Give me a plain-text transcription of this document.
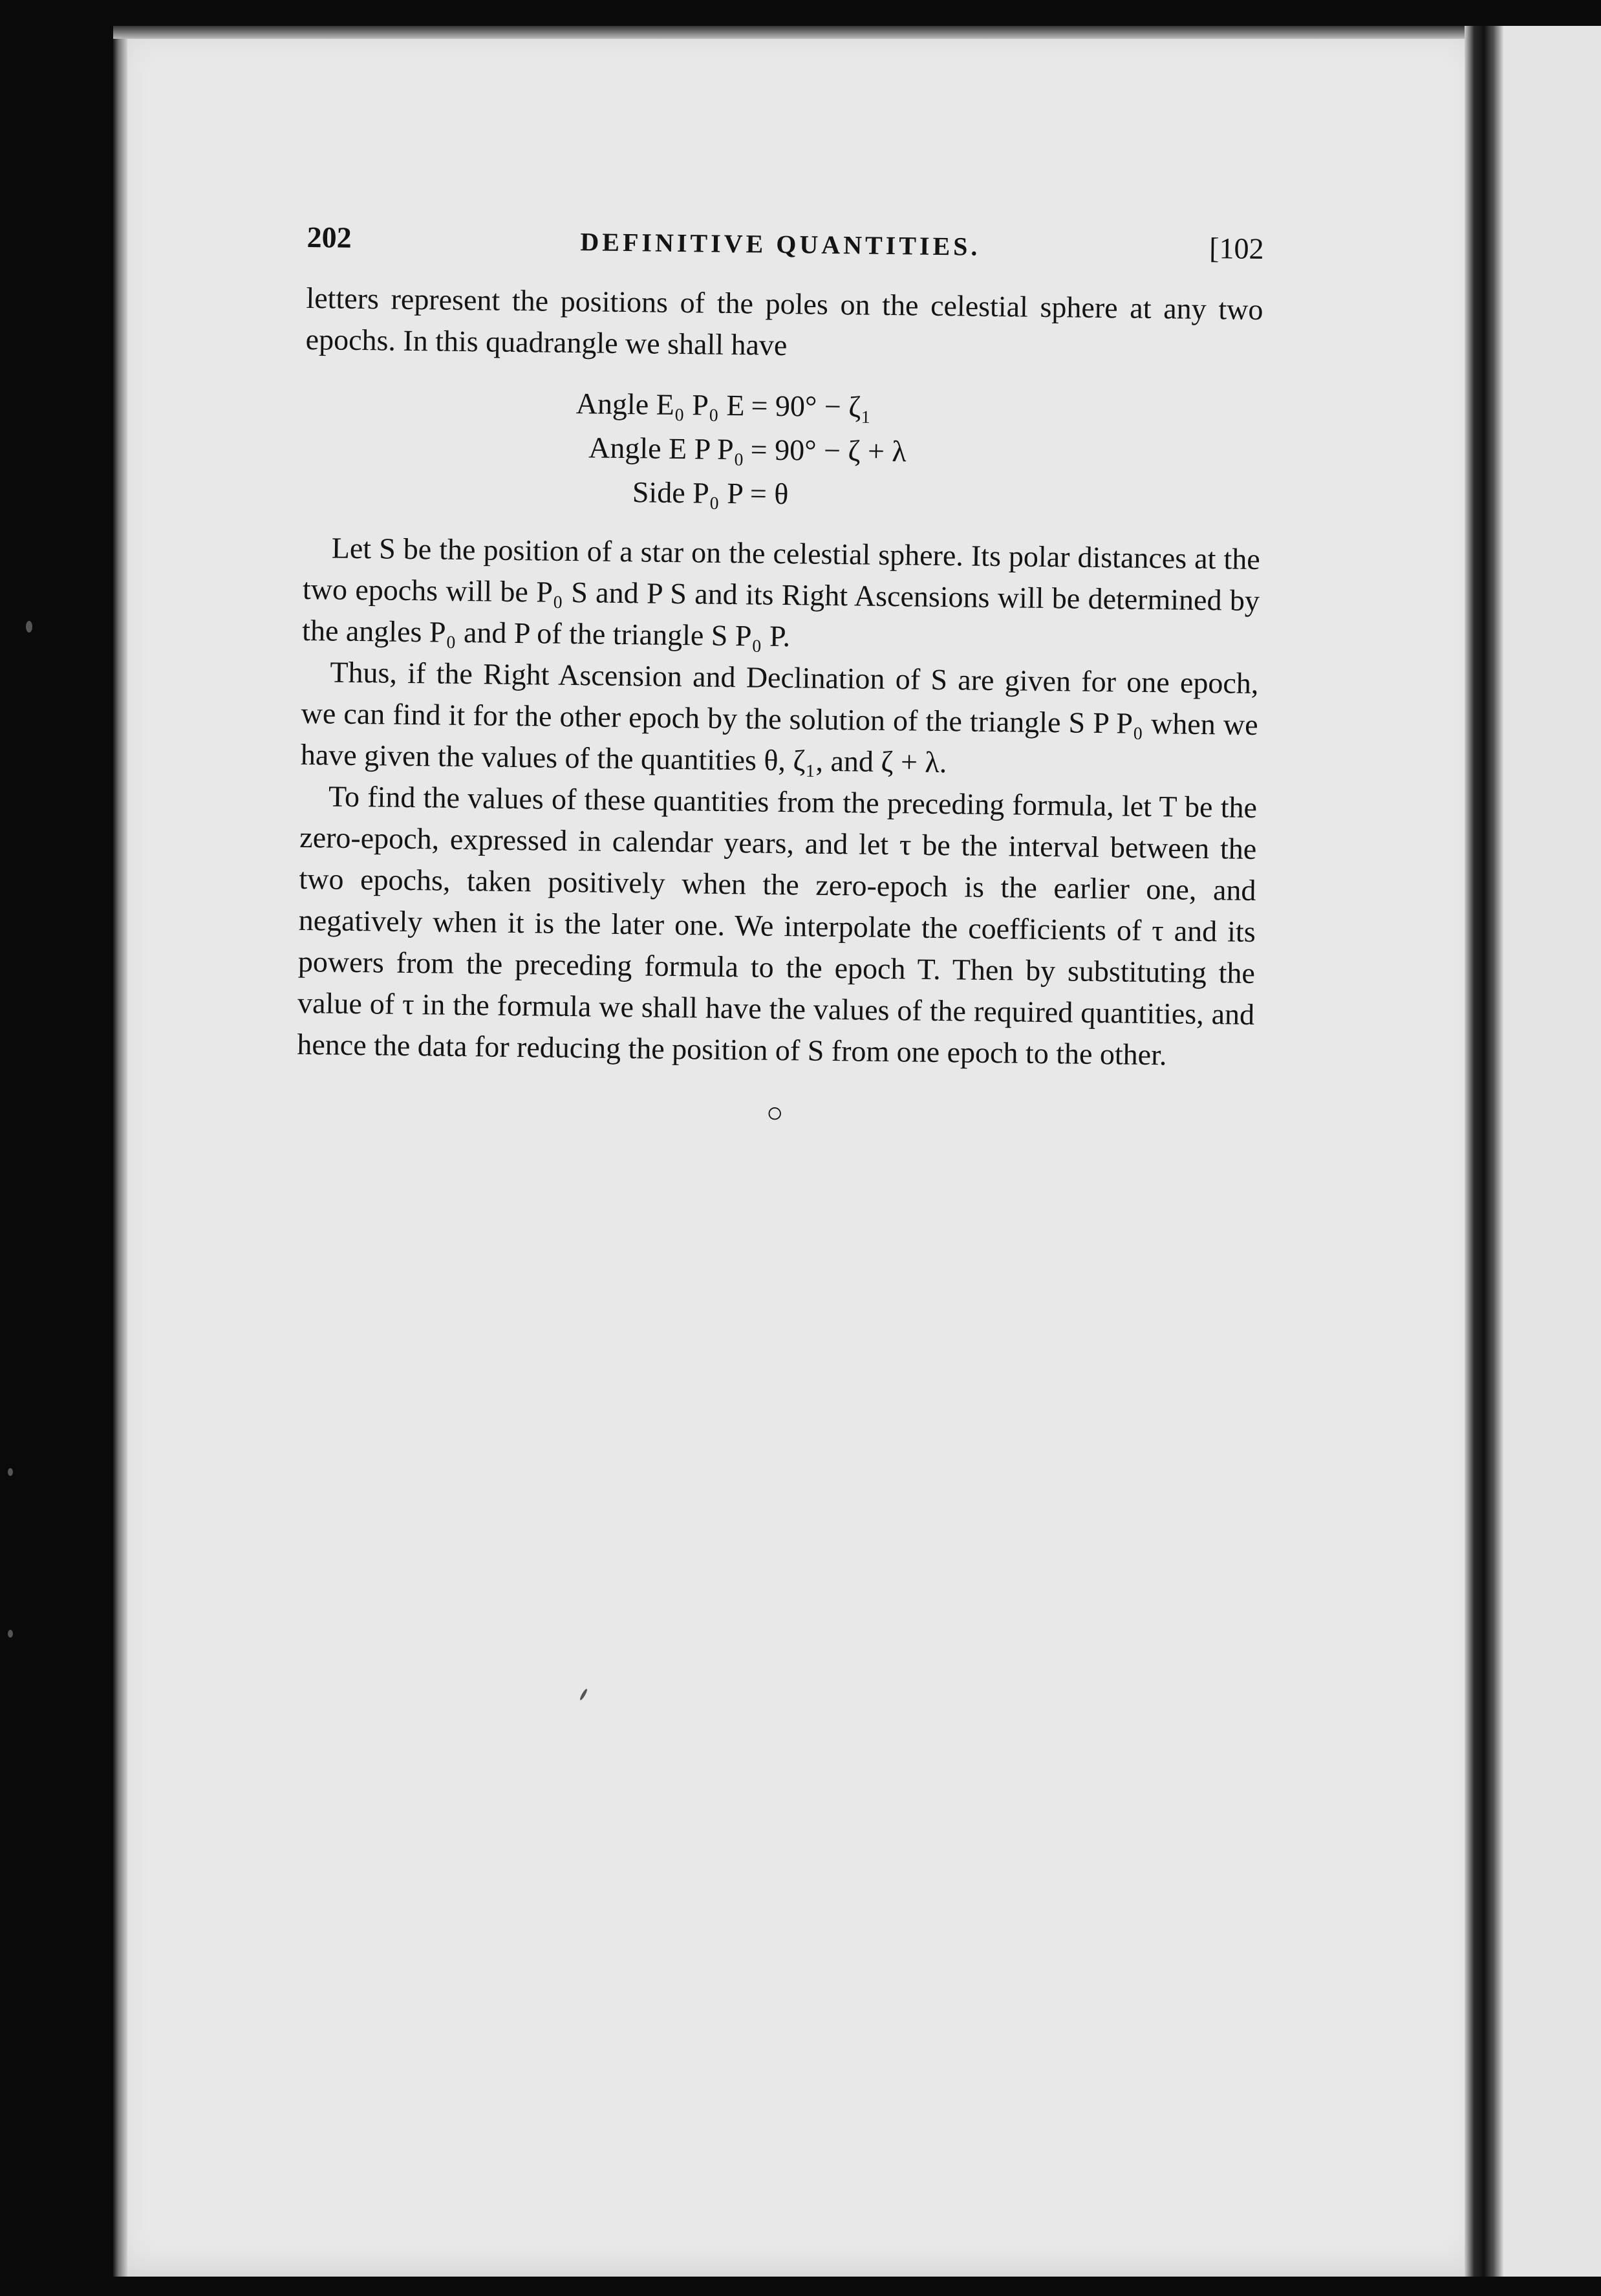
202	DEFINITIVE QUANTITIES.	[102

letters represent the positions of the poles on the celestial sphere at any two epochs. In this quadrangle we shall have

Angle E₀ P₀ E = 90° − ζ₁
Angle E P P₀ = 90° − ζ + λ
Side P₀ P = θ

Let S be the position of a star on the celestial sphere. Its polar distances at the two epochs will be P₀ S and P S and its Right Ascensions will be determined by the angles P₀ and P of the triangle S P₀ P.

Thus, if the Right Ascension and Declination of S are given for one epoch, we can find it for the other epoch by the solution of the triangle S P P₀ when we have given the values of the quantities θ, ζ₁, and ζ + λ.

To find the values of these quantities from the preceding formula, let T be the zero-epoch, expressed in calendar years, and let τ be the interval between the two epochs, taken positively when the zero-epoch is the earlier one, and negatively when it is the later one. We interpolate the coefficients of τ and its powers from the preceding formula to the epoch T. Then by substituting the value of τ in the formula we shall have the values of the required quantities, and hence the data for reducing the position of S from one epoch to the other.

○
